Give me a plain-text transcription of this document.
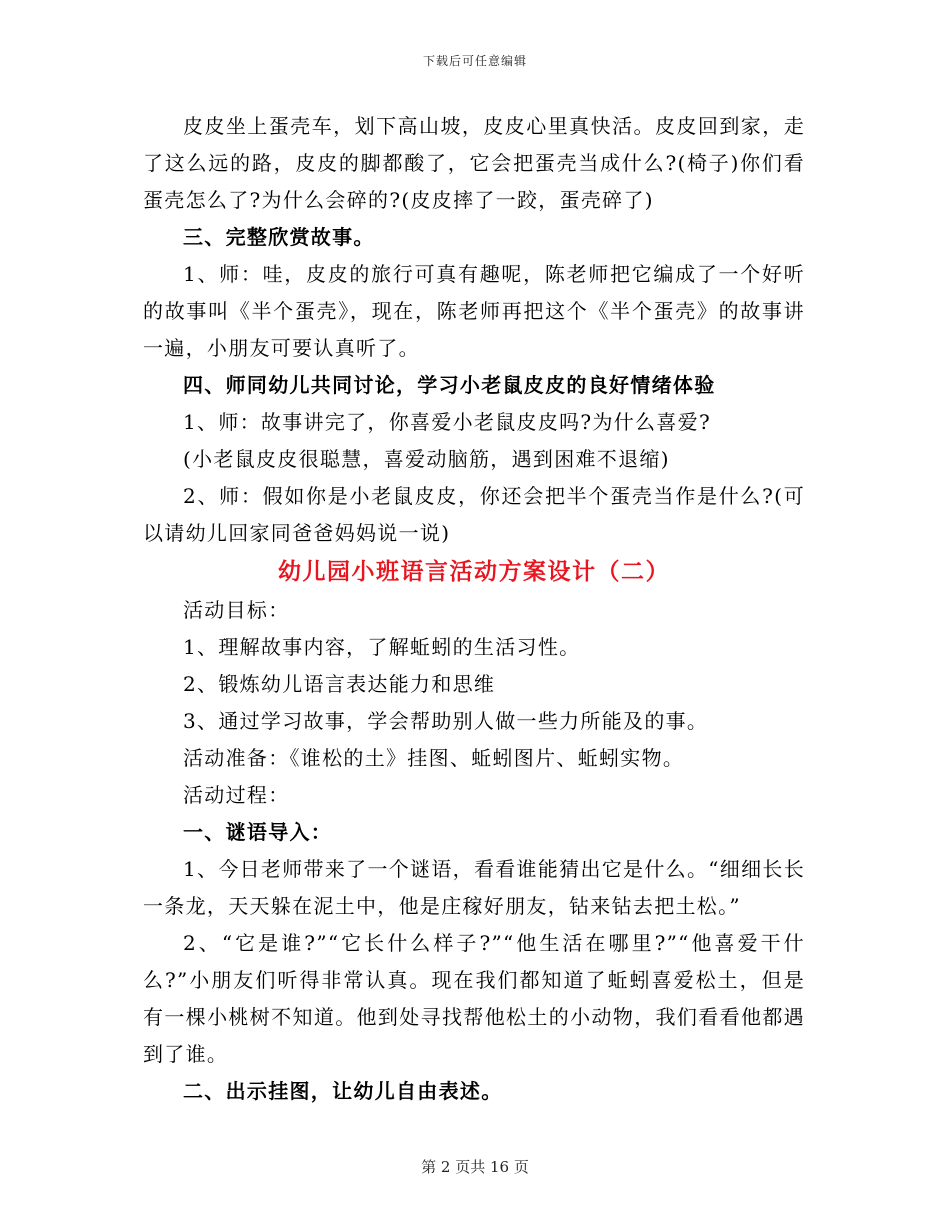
下载后可任意编辑

皮皮坐上蛋壳车，划下高山坡，皮皮心里真快活。皮皮回到家，走了这么远的路，皮皮的脚都酸了，它会把蛋壳当成什么?(椅子)你们看蛋壳怎么了?为什么会碎的?(皮皮摔了一跤，蛋壳碎了)

三、完整欣赏故事。

1、师：哇，皮皮的旅行可真有趣呢，陈老师把它编成了一个好听的故事叫《半个蛋壳》，现在，陈老师再把这个《半个蛋壳》的故事讲一遍，小朋友可要认真听了。

四、师同幼儿共同讨论，学习小老鼠皮皮的良好情绪体验

1、师：故事讲完了，你喜爱小老鼠皮皮吗?为什么喜爱?

(小老鼠皮皮很聪慧，喜爱动脑筋，遇到困难不退缩)

2、师：假如你是小老鼠皮皮，你还会把半个蛋壳当作是什么?(可以请幼儿回家同爸爸妈妈说一说)

幼儿园小班语言活动方案设计（二）

活动目标：

1、理解故事内容，了解蚯蚓的生活习性。

2、锻炼幼儿语言表达能力和思维

3、通过学习故事，学会帮助别人做一些力所能及的事。

活动准备：《谁松的土》挂图、蚯蚓图片、蚯蚓实物。

活动过程：

一、谜语导入：

1、今日老师带来了一个谜语，看看谁能猜出它是什么。“细细长长一条龙，天天躲在泥土中，他是庄稼好朋友，钻来钻去把土松。”

2、“它是谁?”“它长什么样子?”“他生活在哪里?”“他喜爱干什么?”小朋友们听得非常认真。现在我们都知道了蚯蚓喜爱松土，但是有一棵小桃树不知道。他到处寻找帮他松土的小动物，我们看看他都遇到了谁。

二、出示挂图，让幼儿自由表述。

第 2 页共 16 页
